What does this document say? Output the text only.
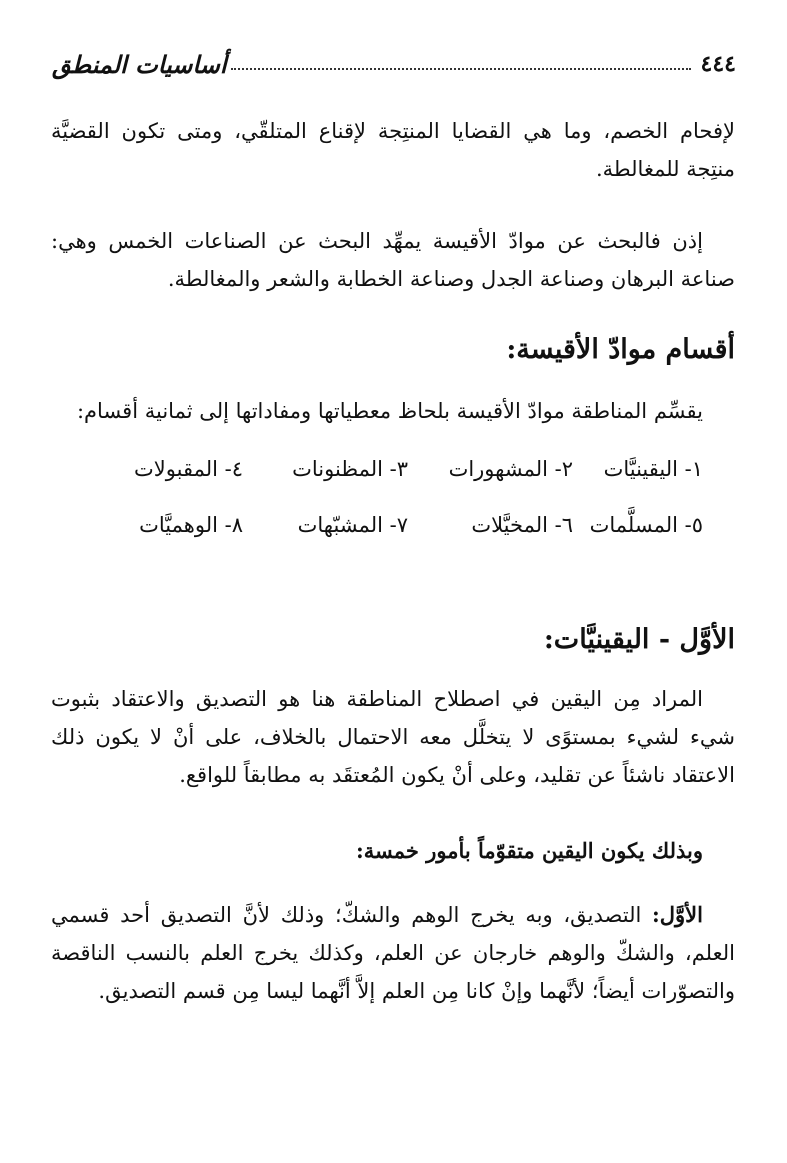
٤٤٤
أساسيات المنطق

لإفحام الخصم، وما هي القضايا المنتِجة لإقناع المتلقّي، ومتى تكون القضيَّة منتِجة للمغالطة.

إذن فالبحث عن موادّ الأقيسة يمهِّد البحث عن الصناعات الخمس وهي: صناعة البرهان وصناعة الجدل وصناعة الخطابة والشعر والمغالطة.

أقسام موادّ الأقيسة:

يقسِّم المناطقة موادّ الأقيسة بلحاظ معطياتها ومفاداتها إلى ثمانية أقسام:

١- اليقينيَّات
٢- المشهورات
٣- المظنونات
٤- المقبولات
٥- المسلَّمات
٦- المخيَّلات
٧- المشبّهات
٨- الوهميَّات
الأوَّل - اليقينيَّات:

المراد مِن اليقين في اصطلاح المناطقة هنا هو التصديق والاعتقاد بثبوت شيء لشيء بمستوًى لا يتخلَّل معه الاحتمال بالخلاف، على أنْ لا يكون ذلك الاعتقاد ناشئاً عن تقليد، وعلى أنْ يكون المُعتقَد به مطابقاً للواقع.

وبذلك يكون اليقين متقوّماً بأمور خمسة:

الأوَّل: التصديق، وبه يخرج الوهم والشكّ؛ وذلك لأنَّ التصديق أحد قسمي العلم، والشكّ والوهم خارجان عن العلم، وكذلك يخرج العلم بالنسب الناقصة والتصوّرات أيضاً؛ لأنَّهما وإنْ كانا مِن العلم إلاَّ أنَّهما ليسا مِن قسم التصديق.
